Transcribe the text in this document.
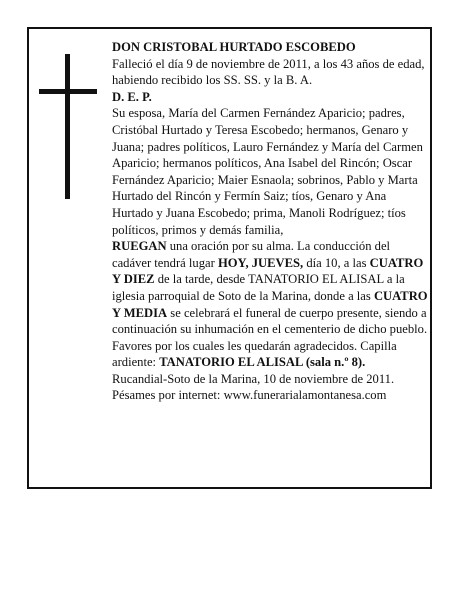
DON CRISTOBAL HURTADO ESCOBEDO

Falleció el día 9 de noviembre de 2011, a los 43 años de edad, habiendo recibido los SS. SS. y la B. A.

D. E. P.

Su esposa, María del Carmen Fernández Aparicio; padres, Cristóbal Hurtado y Teresa Escobedo; hermanos, Genaro y Juana; padres políticos, Lauro Fernández y María del Carmen Aparicio; hermanos políticos, Ana Isabel del Rincón; Oscar Fernández Aparicio; Maier Esnaola; sobrinos, Pablo y Marta Hurtado del Rincón y Fermín Saiz; tíos, Genaro y Ana Hurtado y Juana Escobedo; prima, Manoli Rodríguez; tíos políticos, primos y demás familia,

RUEGAN una oración por su alma. La conducción del cadáver tendrá lugar HOY, JUEVES, día 10, a las CUATRO Y DIEZ de la tarde, desde TANATORIO EL ALISAL a la iglesia parroquial de Soto de la Marina, donde a las CUATRO Y MEDIA se celebrará el funeral de cuerpo presente, siendo a continuación su inhumación en el cementerio de dicho pueblo. Favores por los cuales les quedarán agradecidos. Capilla ardiente: TANATORIO EL ALISAL (sala n.º 8).

Rucandial-Soto de la Marina, 10 de noviembre de 2011.

Pésames por internet: www.funerarialamontanesa.com
